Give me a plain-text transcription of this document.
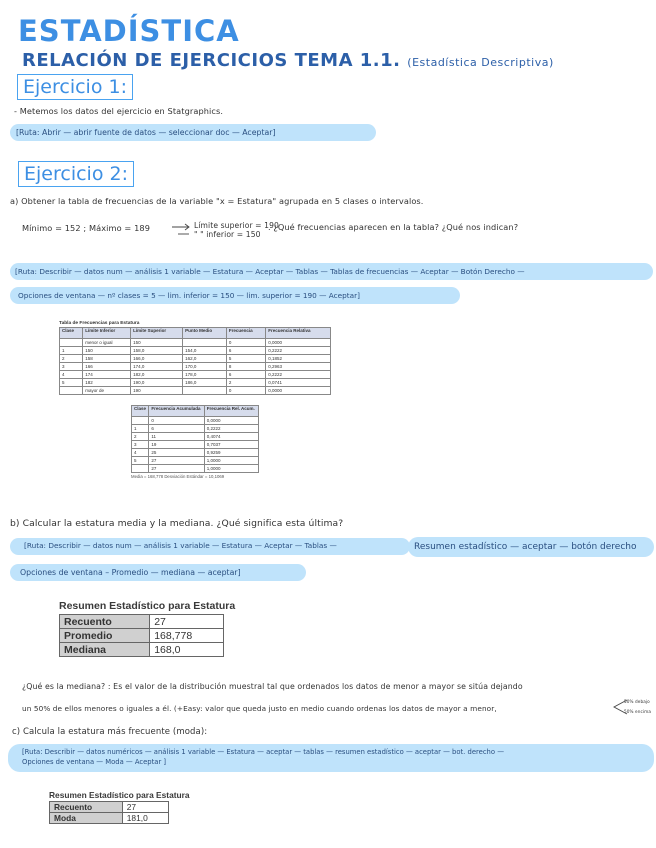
ESTADÍSTICA
RELACIÓN DE EJERCICIOS TEMA 1.1. (Estadística Descriptiva)
Ejercicio 1:
- Metemos los datos del ejercicio en Statgraphics.
[Ruta: Abrir — abrir fuente de datos — seleccionar doc — Aceptar]
Ejercicio 2:
a) Obtener la tabla de frecuencias de la variable "x = Estatura" agrupada en 5 clases o intervalos.
Mínimo = 152 ; Máximo = 189	Límite superior = 190
" " inferior = 150
. ¿Qué frecuencias aparecen en la tabla? ¿Qué nos indican?
[Ruta: Describir — datos num — análisis 1 variable — Estatura — Aceptar — Tablas — Tablas de frecuencias — Aceptar — Botón Derecho —
Opciones de ventana — nº clases = 5 — lim. inferior = 150 — lim. superior = 190 — Aceptar]
Tabla de Frecuencias para Estatura
Clase	Límite Inferior	Límite Superior	Punto Medio	Frecuencia	Frecuencia Relativa
	menor o igual	150		0	0,0000
1	150	158,0	154,0	6	0,2222
2	158	166,0	162,0	5	0,1852
3	166	174,0	170,0	8	0,2963
4	174	182,0	178,0	6	0,2222
5	182	190,0	186,0	2	0,0741
	mayor de	190		0	0,0000
Clase	Frecuencia Acumulada	Frecuencia Rel. Acum.
	0	0,0000
1	6	0,2222
2	11	0,4074
3	19	0,7037
4	25	0,9259
5	27	1,0000
	27	1,0000
Media = 168,778 Desviación Estándar = 10,1069
b) Calcular la estatura media y la mediana. ¿Qué significa esta última?
[Ruta: Describir — datos num — análisis 1 variable — Estatura — Aceptar — Tablas —	Resumen estadístico — aceptar — botón derecho
Opciones de ventana – Promedio — mediana — aceptar]
Resumen Estadístico para Estatura
Recuento	27
Promedio	168,778
Mediana	168,0
¿Qué es la mediana? : Es el valor de la distribución muestral tal que ordenados los datos de menor a mayor se sitúa dejando
un 50% de ellos menores o iguales a él. (+Easy: valor que queda justo en medio cuando ordenas los datos de mayor a menor,
50% debajo
50% encima
c) Calcula la estatura más frecuente (moda):
[Ruta: Describir — datos numéricos — análisis 1 variable — Estatura — aceptar — tablas — resumen estadístico — aceptar — bot. derecho —
Opciones de ventana — Moda — Aceptar ]
Resumen Estadístico para Estatura
Recuento	27
Moda	181,0
